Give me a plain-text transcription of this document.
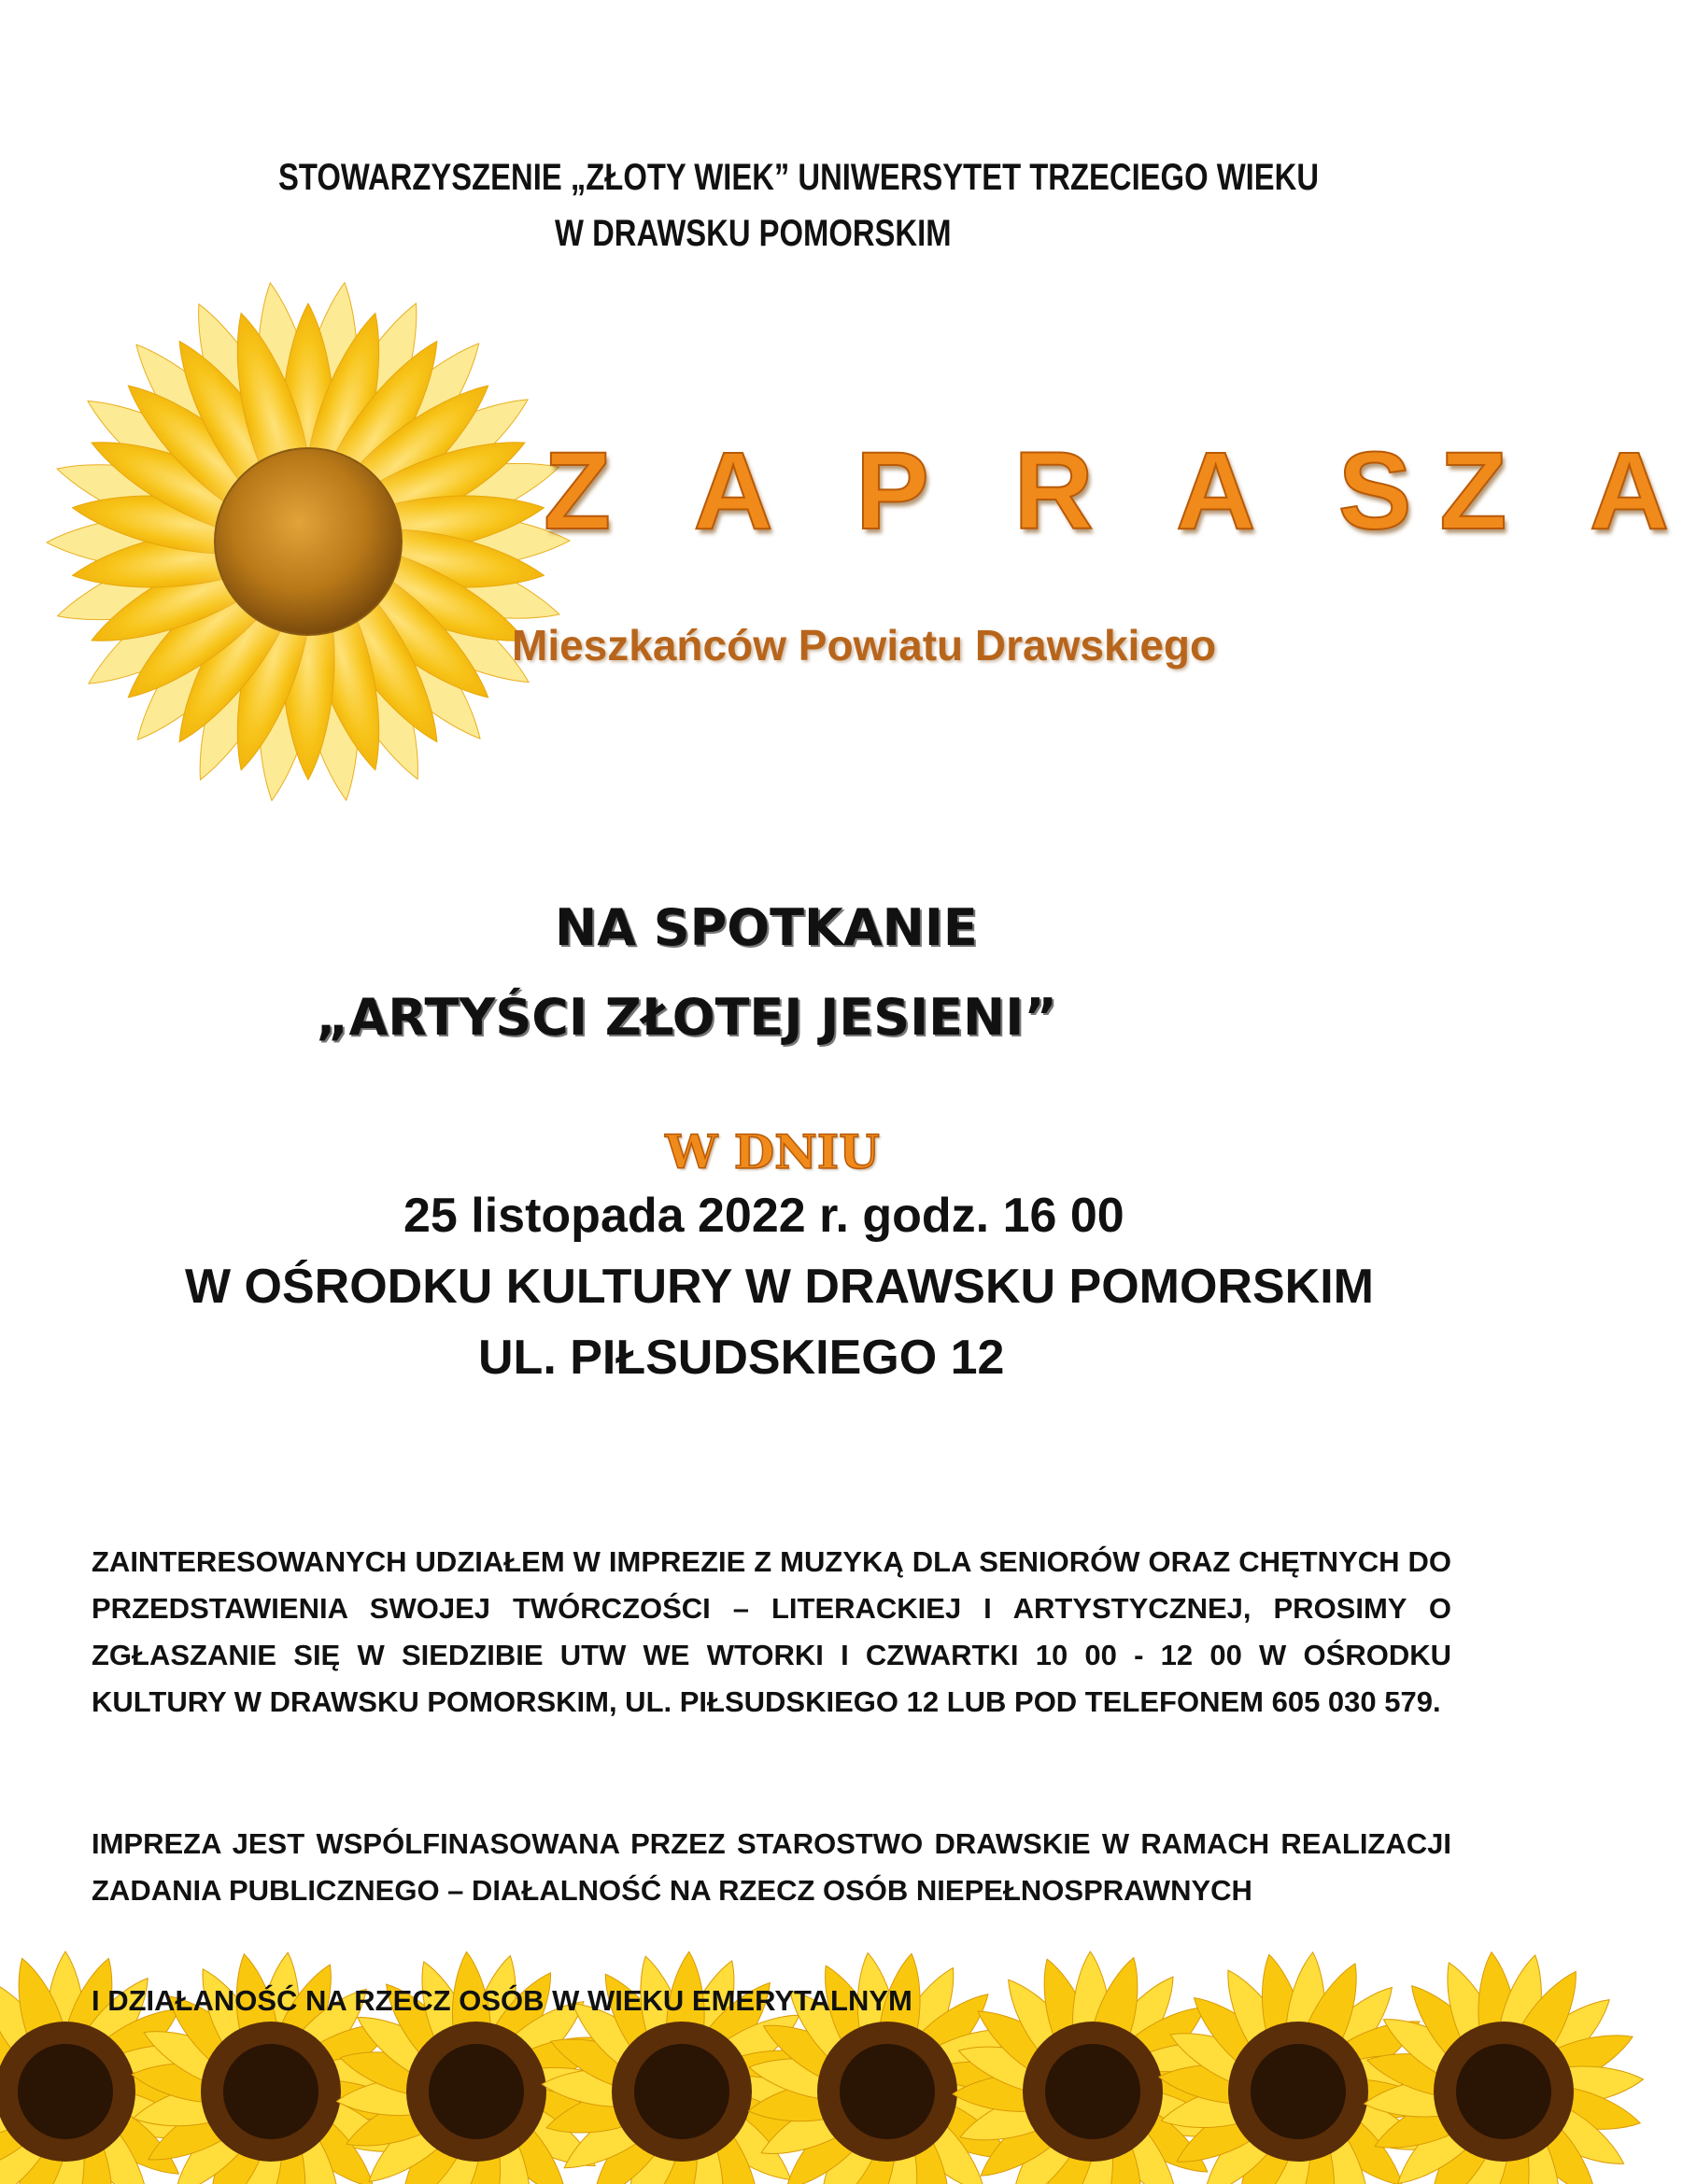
STOWARZYSZENIE „ZŁOTY WIEK” UNIWERSYTET TRZECIEGO WIEKU
W DRAWSKU POMORSKIM
Z A P R A SZ A
Mieszkańców Powiatu Drawskiego
NA SPOTKANIE
„ARTYŚCI ZŁOTEJ JESIENI”
W DNIU
25 listopada 2022 r. godz. 16 00
W OŚRODKU KULTURY W DRAWSKU POMORSKIM
UL. PIŁSUDSKIEGO 12
ZAINTERESOWANYCH UDZIAŁEM W IMPREZIE Z MUZYKĄ DLA SENIORÓW ORAZ CHĘTNYCH DO PRZEDSTAWIENIA SWOJEJ TWÓRCZOŚCI – LITERACKIEJ I ARTYSTYCZNEJ, PROSIMY O ZGŁASZANIE SIĘ W SIEDZIBIE UTW WE WTORKI I CZWARTKI 10 00 - 12 00 W OŚRODKU KULTURY W DRAWSKU POMORSKIM, UL. PIŁSUDSKIEGO 12 LUB POD TELEFONEM 605 030 579.
IMPREZA JEST WSPÓLFINASOWANA PRZEZ STAROSTWO DRAWSKIE W RAMACH REALIZACJI ZADANIA PUBLICZNEGO – DIAŁALNOŚĆ NA RZECZ OSÓB NIEPEŁNOSPRAWNYCH
I DZIAŁANOŚĆ NA RZECZ OSÓB W WIEKU EMERYTALNYM
